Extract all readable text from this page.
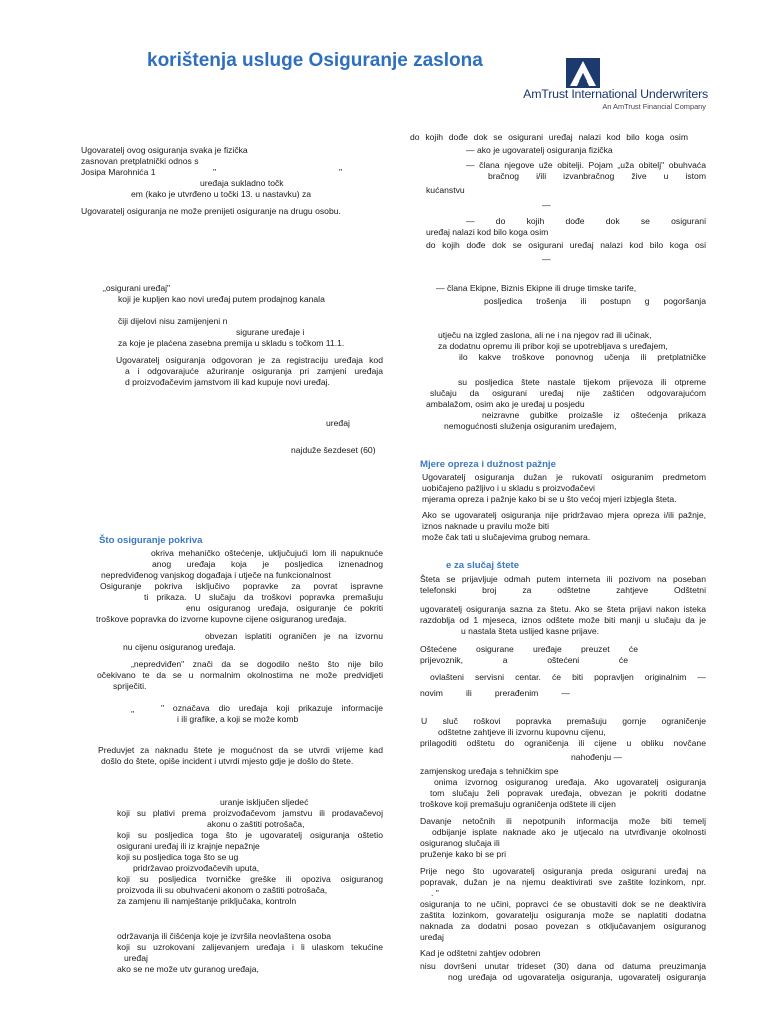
korištenja usluge Osiguranje zaslona
AmTrust International Underwriters
An AmTrust Financial Company

Ugovaratelj ovog osiguranja svaka je fizička

zasnovan pretplatnički odnos s

Josipa Marohnića 1	"	"

uređaja sukladno točk

em (kako je utvrđeno u točki 13. u nastavku) za

Ugovaratelj osiguranja ne može prenijeti osiguranje na drugu osobu.

„osigurani uređaj"

koji je kupljen kao novi uređaj putem prodajnog kanala

čiji dijelovi nisu zamijenjeni n

sigurane uređaje i

za koje je plaćena zasebna premija u skladu s točkom 11.1.

Ugovaratelj osiguranja odgovoran je za registraciju uređaja kod

a i odgovarajuće ažuriranje osiguranja pri zamjeni uređaja

d proizvođačevim jamstvom ili kad kupuje novi uređaj.

uređaj

najduže šezdeset (60)

Što osiguranje pokriva

okriva mehaničko oštećenje, uključujući lom ili napuknuće

anog uređaja koja je posljedica iznenadnog

nepredviđenog vanjskog događaja i utječe na funkcionalnost

Osiguranje pokriva isključivo popravke za povrat ispravne

ti prikaza. U slučaju da troškovi popravka premašuju

enu osiguranog uređaja, osiguranje će pokriti

troškove popravka do izvorne kupovne cijene osiguranog uređaja.

obvezan isplatiti ograničen je na izvornu

nu cijenu osiguranog uređaja.

„nepredviđen" znači da se dogodilo nešto što nije bilo

očekivano te da se u normalnim okolnostima ne može predvidjeti

spriječiti.

"

" označava dio uređaja koji prikazuje informacije

i ili grafike, a koji se može komb

Preduvjet za naknadu štete je mogućnost da se utvrdi vrijeme kad

došlo do štete, opiše incident i utvrdi mjesto gdje je došlo do štete.

uranje isključen sljedeć

koji su plativi prema proizvođačevom jamstvu ili prodavačevoj

akonu o zaštiti potrošača,

koji su posljedica toga što je ugovaratelj osiguranja oštetio

osigurani uređaj ili iz krajnje nepažnje

koji su posljedica toga što se ug

pridržavao proizvođačevih uputa,

koji su posljedica tvorničke greške ili opoziva osiguranog

proizvoda ili su obuhvaćeni akonom o zaštiti potrošača,

za zamjenu ili namještanje priključaka, kontroln

održavanja ili čišćenja koje je izvršila neovlaštena osoba

koji su uzrokovani zalijevanjem uređaja i li ulaskom tekućine

uređaj

ako se ne može utv guranog uređaja,

do kojih dođe dok se osigurani uređaj nalazi kod bilo koga osim

— ako je ugovaratelj osiguranja fizička

— člana njegove uže obitelji. Pojam „uža obitelj" obuhvaća

bračnog i/ili izvanbračnog žive u istom

kućanstvu

—

— do kojih dođe dok se osigurani

uređaj nalazi kod bilo koga osim

do kojih dođe dok se osigurani uređaj nalazi kod bilo koga osi

—

— člana Ekipne, Biznis Ekipne ili druge timske tarife,

posljedica trošenja ili postupn g pogoršanja

utječu na izgled zaslona, ali ne i na njegov rad ili učinak,

za dodatnu opremu ili pribor koji se upotrebljava s uređajem,

ilo kakve troškove ponovnog učenja ili pretplatničke

su posljedica štete nastale tijekom prijevoza ili otpreme

slučaju da osigurani uređaj nije zaštićen odgovarajućom

ambalažom, osim ako je uređaj u posjedu

neizravne gubitke proizašle iz oštećenja prikaza

nemogućnosti služenja osiguranim uređajem,

Mjere opreza i dužnost pažnje

Ugovaratelj osiguranja dužan je rukovati osiguranim predmetom

uobičajeno pažljivo i u skladu s proizvođačevi

mjerama opreza i pažnje kako bi se u što većoj mjeri izbjegla šteta.

Ako se ugovaratelj osiguranja nije pridržavao mjera opreza i/ili pažnje,

iznos naknade u pravilu može biti

može čak tati u slučajevima grubog nemara.

e za slučaj štete

Šteta se prijavljuje odmah putem interneta ili pozivom na poseban

telefonski broj za odštetne zahtjeve Odštetni

ugovaratelj osiguranja sazna za štetu. Ako se šteta prijavi nakon isteka

razdoblja od 1 mjeseca, iznos odštete može biti manji u slučaju da je

u nastala šteta uslijed kasne prijave.

Oštećene osigurane uređaje preuzet će

prijevoznik, a oštećeni će

ovlašteni servisni centar. će biti popravljen originalnim —

novim ili prerađenim —

U sluč roškovi popravka premašuju gornje ograničenje

odštetne zahtjeve ili izvornu kupovnu cijenu,

prilagoditi odštetu do ograničenja ili cijene u obliku novčane

nahođenju —

zamjenskog uređaja s tehničkim spe

onima izvornog osiguranog uređaja. Ako ugovaratelj osiguranja

tom slučaju želi popravak uređaja, obvezan je pokriti dodatne

troškove koji premašuju ograničenja odštete ili cijen

Davanje netočnih ili nepotpunih informacija može biti temelj

odbijanje isplate naknade ako je utjecalo na utvrđivanje okolnosti

osiguranog slučaja ili

pruženje kako bi se pri

Prije nego što ugovaratelj osiguranja preda osigurani uređaj na

popravak, dužan je na njemu deaktivirati sve zaštite lozinkom, npr.

. "

osiguranja to ne učini, popravci će se obustaviti dok se ne deaktivira

zaštita lozinkom, govaratelju osiguranja može se naplatiti dodatna

naknada za dodatni posao povezan s otključavanjem osiguranog

uređaj

Kad je odštetni zahtjev odobren

nisu dovršeni unutar trideset (30) dana od datuma preuzimanja

nog uređaja od ugovaratelja osiguranja, ugovaratelj osiguranja
